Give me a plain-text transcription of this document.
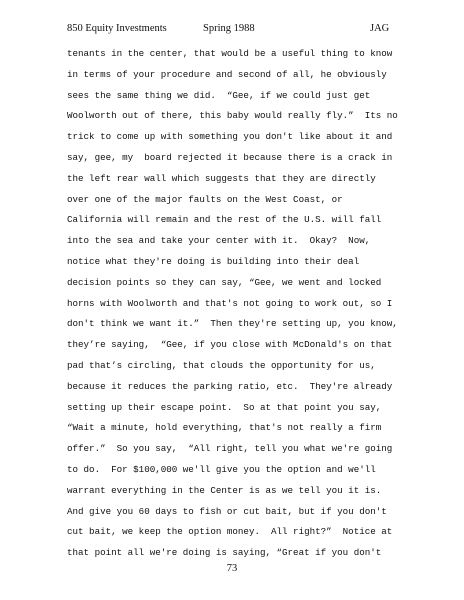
850 Equity Investments	Spring 1988	JAG
tenants in the center, that would be a useful thing to know
in terms of your procedure and second of all, he obviously
sees the same thing we did.  “Gee, if we could just get
Woolworth out of there, this baby would really fly.”  Its no
trick to come up with something you don't like about it and
say, gee, my  board rejected it because there is a crack in
the left rear wall which suggests that they are directly
over one of the major faults on the West Coast, or
California will remain and the rest of the U.S. will fall
into the sea and take your center with it.  Okay?  Now,
notice what they're doing is building into their deal
decision points so they can say, “Gee, we went and locked
horns with Woolworth and that's not going to work out, so I
don't think we want it.”  Then they're setting up, you know,
they’re saying,  “Gee, if you close with McDonald's on that
pad that’s circling, that clouds the opportunity for us,
because it reduces the parking ratio, etc.  They're already
setting up their escape point.  So at that point you say,
“Wait a minute, hold everything, that's not really a firm
offer.”  So you say,  “All right, tell you what we're going
to do.  For $100,000 we'll give you the option and we'll
warrant everything in the Center is as we tell you it is.
And give you 60 days to fish or cut bait, but if you don't
cut bait, we keep the option money.  All right?”  Notice at
that point all we're doing is saying, “Great if you don't
73
